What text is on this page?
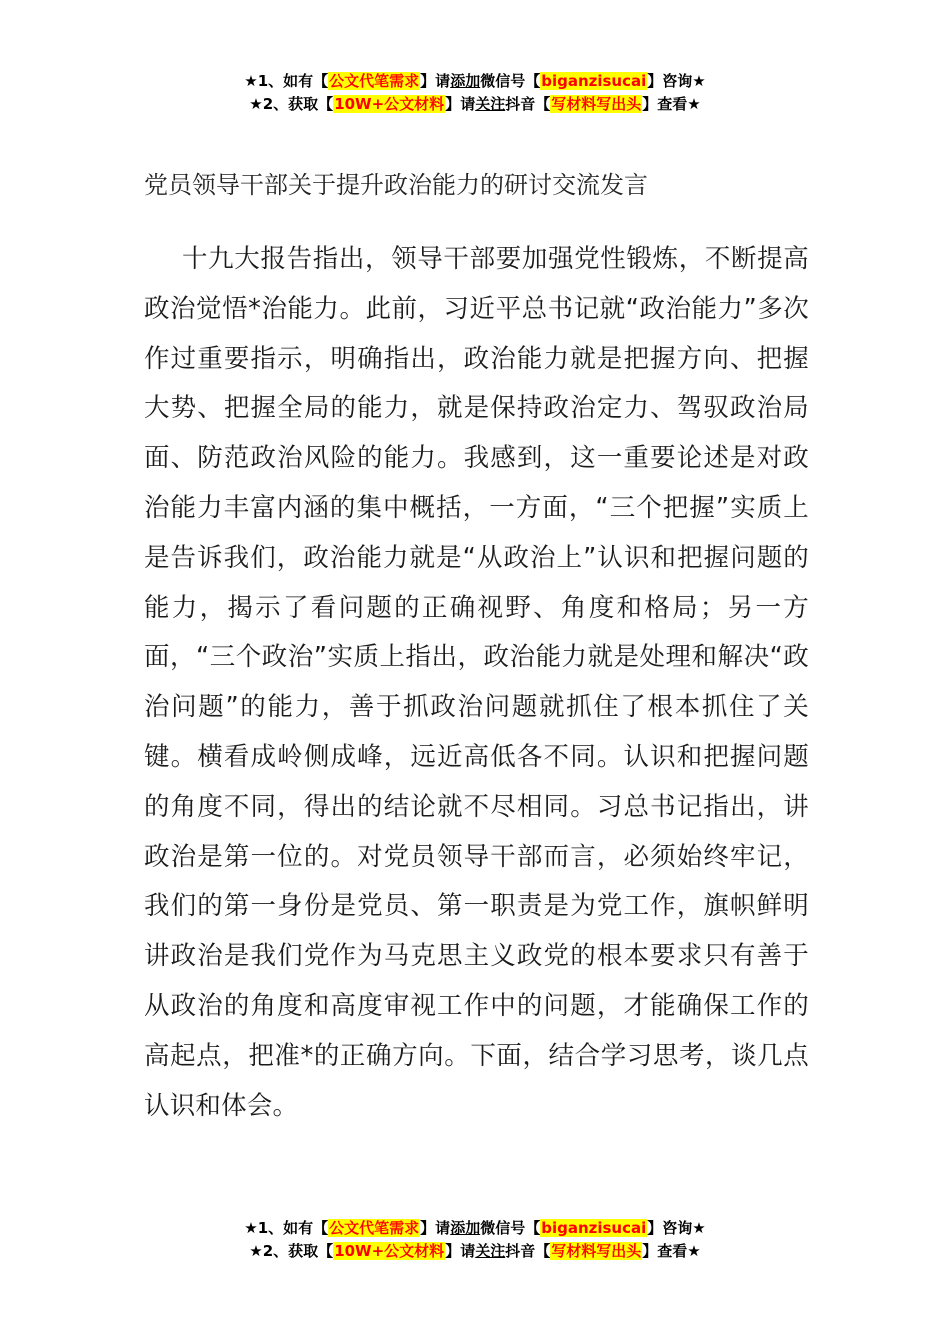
★1、如有【公文代笔需求】请添加微信号【biganzisucai】咨询★
★2、获取【10W+公文材料】请关注抖音【写材料写出头】查看★
党员领导干部关于提升政治能力的研讨交流发言

十九大报告指出，领导干部要加强党性锻炼，不断提高政治觉悟*治能力。此前，习近平总书记就“政治能力”多次作过重要指示，明确指出，政治能力就是把握方向、把握大势、把握全局的能力，就是保持政治定力、驾驭政治局面、防范政治风险的能力。我感到，这一重要论述是对政治能力丰富内涵的集中概括，一方面，“三个把握”实质上是告诉我们，政治能力就是“从政治上”认识和把握问题的能力，揭示了看问题的正确视野、角度和格局；另一方面，“三个政治”实质上指出，政治能力就是处理和解决“政治问题”的能力，善于抓政治问题就抓住了根本抓住了关键。横看成岭侧成峰，远近高低各不同。认识和把握问题的角度不同，得出的结论就不尽相同。习总书记指出，讲政治是第一位的。对党员领导干部而言，必须始终牢记，我们的第一身份是党员、第一职责是为党工作，旗帜鲜明讲政治是我们党作为马克思主义政党的根本要求只有善于从政治的角度和高度审视工作中的问题，才能确保工作的高起点，把准*的正确方向。下面，结合学习思考，谈几点认识和体会。

★1、如有【公文代笔需求】请添加微信号【biganzisucai】咨询★
★2、获取【10W+公文材料】请关注抖音【写材料写出头】查看★
